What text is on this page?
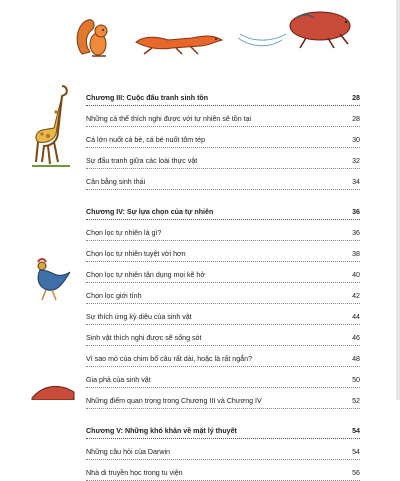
Chương III: Cuộc đấu tranh sinh tồn	28
Những cá thể thích nghi được với tự nhiên sẽ tồn tại	28
Cá lớn nuốt cá bé, cá bé nuốt tôm tép	30
Sự đấu tranh giữa các loài thực vật	32
Cân bằng sinh thái	34
Chương IV: Sự lựa chọn của tự nhiên	36
Chọn lọc tự nhiên là gì?	36
Chọn lọc tự nhiên tuyệt vời hơn	38
Chọn lọc tự nhiên tận dụng mọi kẽ hở	40
Chọn lọc giới tính	42
Sự thích ứng kỳ diệu của sinh vật	44
Sinh vật thích nghi được sẽ sống sót	46
Vì sao mỏ của chim bổ câu rất dài, hoặc là rất ngắn?	48
Gia phả của sinh vật	50
Những điểm quan trọng trong Chương III và Chương IV	52
Chương V: Những khó khăn về mặt lý thuyết	54
Những câu hỏi của Darwin	54
Nhà di truyền học trong tu viện	56
